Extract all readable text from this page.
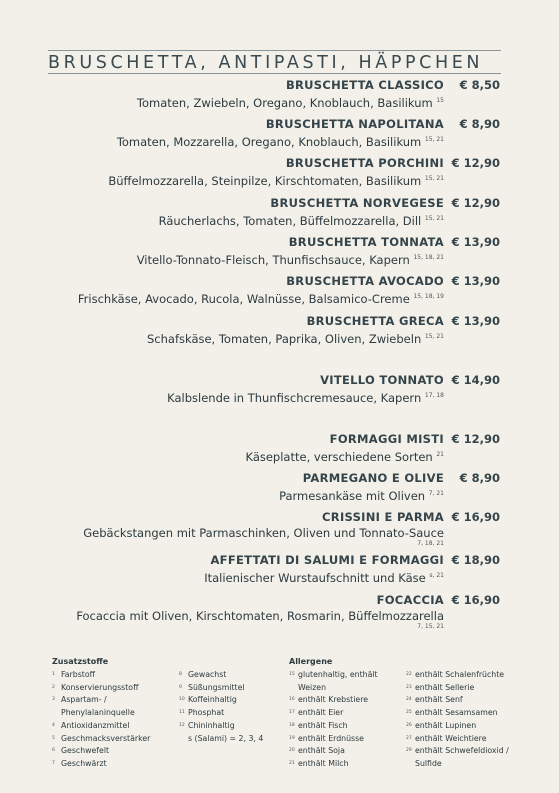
BRUSCHETTA, ANTIPASTI, HÄPPCHEN
BRUSCHETTA CLASSICO	€ 8,50
Tomaten, Zwiebeln, Oregano, Knoblauch, Basilikum $^{15}$
BRUSCHETTA NAPOLITANA	€ 8,90
Tomaten, Mozzarella, Oregano, Knoblauch, Basilikum $^{15, 21}$
BRUSCHETTA PORCHINI € 12,90
Büffelmozzarella, Steinpilze, Kirschtomaten, Basilikum $^{15, 21}$
BRUSCHETTA NORVEGESE € 12,90
Räucherlachs, Tomaten, Büffelmozzarella, Dill $^{15, 21}$
BRUSCHETTA TONNATA € 13,90
Vitello-Tonnato-Fleisch, Thunfischsauce, Kapern $^{15, 18, 21}$
BRUSCHETTA AVOCADO € 13,90
Frischkäse, Avocado, Rucola, Walnüsse, Balsamico-Creme $^{15, 18, 19}$
BRUSCHETTA GRECA € 13,90
Schafskäse, Tomaten, Paprika, Oliven, Zwiebeln $^{15, 21}$
VITELLO TONNATO € 14,90
Kalbslende in Thunfischcremesauce, Kapern $^{17, 18}$
FORMAGGI MISTI € 12,90
Käseplatte, verschiedene Sorten $^{21}$
PARMEGANO E OLIVE	€ 8,90
Parmesankäse mit Oliven $^{7, 21}$
CRISSINI E PARMA € 16,90
Gebäckstangen mit Parmaschinken, Oliven und Tonnato-Sauce
7, 18, 21
AFFETTATI DI SALUMI E FORMAGGI € 18,90
Italienischer Wurstaufschnitt und Käse $^{s, 21}$
FOCACCIA € 16,90
Focaccia mit Oliven, Kirschtomaten, Rosmarin, Büffelmozzarella
7, 15, 21
Zusatzstoffe
1 Farbstoff
2 Konservierungsstoff
3 Aspartam- /
Phenylalaninquelle
4 Antioxidanzmittel
5 Geschmacksverstärker
6 Geschwefelt
7 Geschwärzt
8 Gewachst
9 Süßungsmittel
10 Koffeinhaltig
11 Phosphat
12 Chininhaltig
s (Salami) = 2, 3, 4
Allergene
15 glutenhaltig, enthält
Weizen
16 enthält Krebstiere
17 enthält Eier
18 enthält Fisch
19 enthält Erdnüsse
20 enthält Soja
21 enthält Milch
22 enthält Schalenfrüchte
23 enthält Sellerie
24 enthält Senf
25 enthält Sesamsamen
26 enthält Lupinen
27 enthält Weichtiere
29 enthält Schwefeldioxid /
Sulfide
